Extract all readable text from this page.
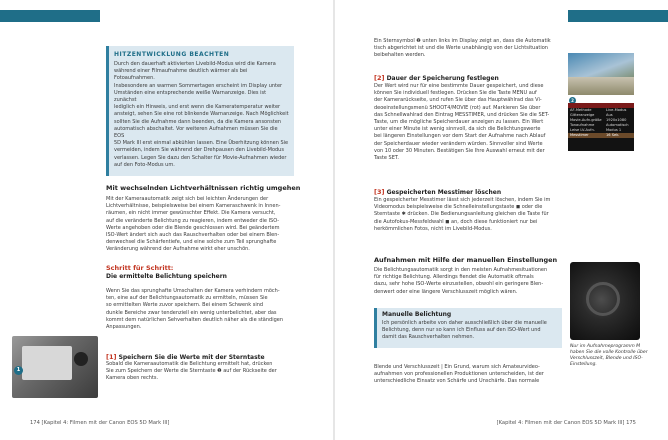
HITZENTWICKLUNG BEACHTEN
Durch den dauerhaft aktivierten Livebild-Modus wird die Kamera
während einer Filmaufnahme deutlich wärmer als bei Fotoaufnahmen.
Insbesondere an warmen Sommertagen erscheint im Display unter
Umständen eine entsprechende weiße Warnanzeige. Dies ist zunächst
lediglich ein Hinweis, und erst wenn die Kameratemperatur weiter
ansteigt, sehen Sie eine rot blinkende Warnanzeige. Nach Möglichkeit
sollten Sie die Aufnahme dann beenden, da die Kamera ansonsten
automatisch abschaltet. Vor weiteren Aufnahmen müssen Sie die EOS
5D Mark III erst einmal abkühlen lassen. Eine Überhitzung können Sie
vermeiden, indem Sie während der Drehpausen den Livebild-Modus
verlassen. Legen Sie dazu den Schalter für Movie-Aufnahmen wieder
auf den Foto-Modus um.
Mit wechselnden Lichtverhältnissen richtig umgehen
Mit der Kameraautomatik zeigt sich bei leichten Änderungen der
Lichtverhältnisse, beispielsweise bei einem Kameraschwenk in Innen-
räumen, ein nicht immer gewünschter Effekt. Die Kamera versucht,
auf die veränderte Belichtung zu reagieren, indem entweder die ISO-
Werte angehoben oder die Blende geschlossen wird. Bei geändertem
ISO-Wert ändert sich auch das Rauschverhalten oder bei einem Blen-
denwechsel die Schärfentiefe, und eine solche zum Teil sprunghafte
Veränderung während der Aufnahme wirkt eher unschön.
Schritt für Schritt:
Die ermittelte Belichtung speichern
Wenn Sie das sprunghafte Umschalten der Kamera verhindern möch-
ten, eine auf der Belichtungsautomatik zu ermitteln, müssen Sie
so ermittelten Werte zuvor speichern. Bei einem Schwenk sind
dunkle Bereiche zwar tendenziell ein wenig unterbelichtet, aber das
kommt dem natürlichen Sehverhalten deutlich näher als die ständigen
Anpassungen.
1
[1] Speichern Sie die Werte mit der Sterntaste
Sobald die Kameraautomatik die Belichtung ermittelt hat, drücken
Sie zum Speichern der Werte die Sterntaste ❶ auf der Rückseite der
Kamera oben rechts.
174 [Kapitel 4: Filmen mit der Canon EOS 5D Mark III]	[Kapitel 4: Filmen mit der Canon EOS 5D Mark III] 175
Ein Sternsymbol ❷ unten links im Display zeigt an, dass die Automatik
tisch abgerichtet ist und die Werte unabhängig von der Lichtsituation
beibehalten werden.
[2] Dauer der Speicherung festlegen
Der Wert wird nur für eine bestimmte Dauer gespeichert, und diese
können Sie individuell festlegen. Drücken Sie die Taste MENU auf
der Kamerarückseite, und rufen Sie über das Hauptwählrad das Vi-
deoeinstellungsmenü SHOOT4/MOVIE (rot) auf. Markieren Sie über
das Schnellwahlrad den Eintrag MESSTIMER, und drücken Sie die SET-
Taste, um die mögliche Speicherdauer anzeigen zu lassen. Ein Wert
unter einer Minute ist wenig sinnvoll, da sich die Belichtungswerte
bei längeren Einstellungen vor dem Start der Aufnahme nach Ablauf
der Speicherdauer wieder verändern würden. Sinnvoller sind Werte
von 10 oder 30 Minuten. Bestätigen Sie Ihre Auswahl erneut mit der
Taste SET.
[3] Gespeicherten Messtimer löschen
Ein gespeicherter Messtimer lässt sich jederzeit löschen, indem Sie im
Videomodus beispielsweise die Schnelleinstellungstaste ◼ oder die
Sterntaste ✱ drücken. Die Bedienungsanleitung gleichen die Taste für
die Autofokus-Messfeldwahl ◼ an, doch diese funktioniert nur bei
herkömmlichen Fotos, nicht im Livebild-Modus.
Aufnahmen mit Hilfe der manuellen Einstellungen
Die Belichtungsautomatik sorgt in den meisten Aufnahmesituationen
für richtige Belichtung. Allerdings fiendet die Automatik oftmals
dazu, sehr hohe ISO-Werte einzustellen, obwohl ein geringere Blen-
denwert oder eine längere Verschlusszeit möglich wären.
Manuelle Belichtung
Ich persönlich arbeite von daher ausschließlich über die manuelle
Belichtung, denn nur so kann ich Einfluss auf den ISO-Wert und
damit das Rauschverhalten nehmen.
Blende und Verschlusszeit | Ein Grund, warum sich Amateurvideo-
aufnahmen von professionellen Produktionen unterscheiden, ist der
unterschiedliche Einsatz von Schärfe und Unschärfe. Das normale
2
AF-Methode	Live-Modus
Gitteranzeige	Aus
Movie-Aufn.größe 1920x1080
Tonaufnahme	Automatisch
Leise LV-Aufn.	Modus 1
Messtimer	16 Sek.
Nur im Aufnahmeprogramm M haben Sie die volle Kontrolle über Verschlusszeit, Blende und ISO-Einstellung.
